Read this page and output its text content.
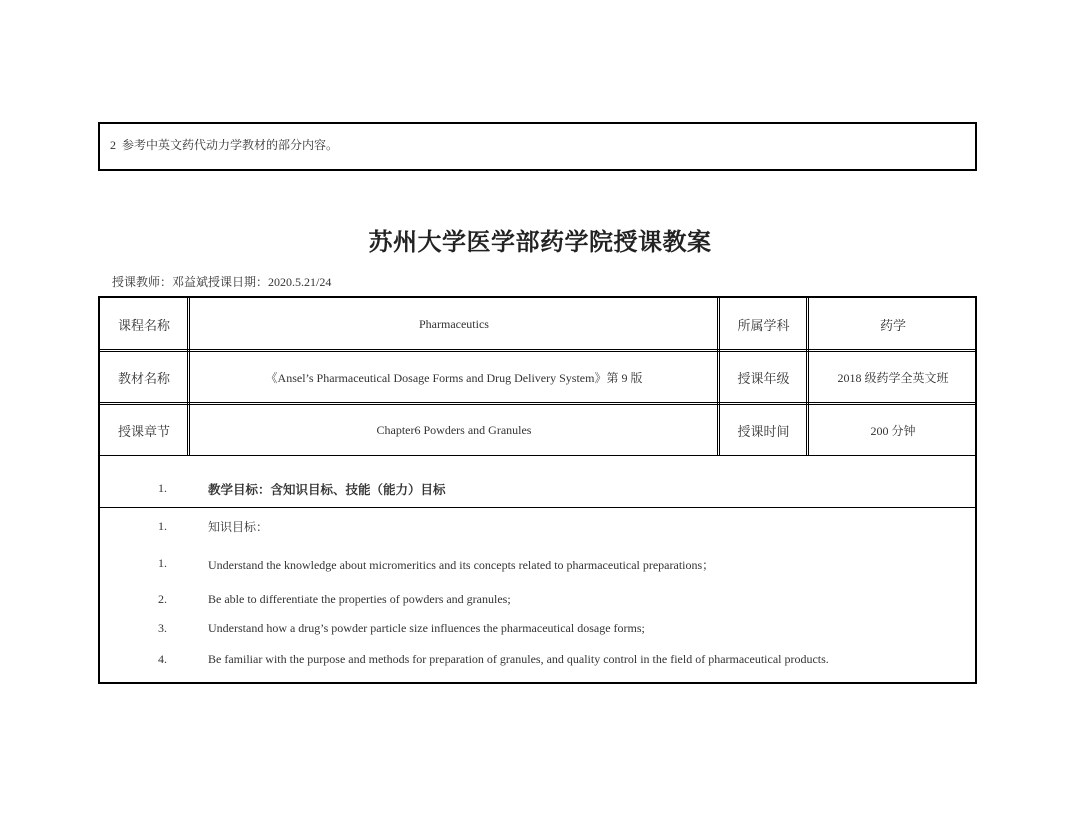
2 参考中英文药代动力学教材的部分内容。
苏州大学医学部药学院授课教案
授课教师：邓益斌授课日期：2020.5.21/24
课程名称	Pharmaceutics	所属学科	药学
教材名称	《Ansel’s Pharmaceutical Dosage Forms and Drug Delivery System》第 9 版	授课年级	2018 级药学全英文班
授课章节	Chapter6 Powders and Granules	授课时间	200 分钟
1.	教学目标：含知识目标、技能（能力）目标
1.	知识目标：
1.	Understand the knowledge about micromeritics and its concepts related to pharmaceutical preparations；
2.	Be able to differentiate the properties of powders and granules;
3.	Understand how a drug’s powder particle size influences the pharmaceutical dosage forms;
4.	Be familiar with the purpose and methods for preparation of granules, and quality control in the field of pharmaceutical products.
